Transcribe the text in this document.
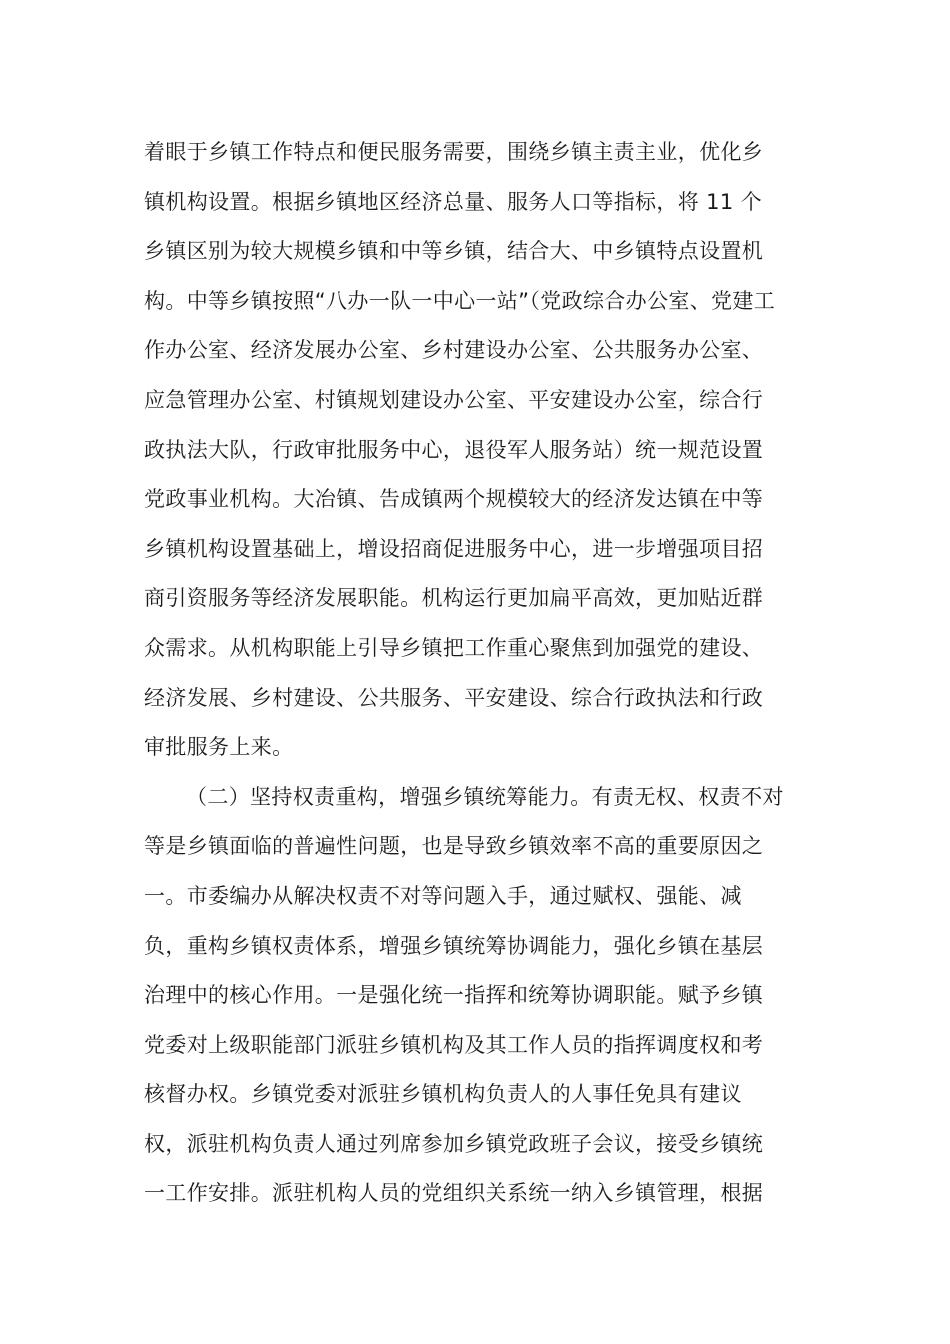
着眼于乡镇工作特点和便民服务需要，围绕乡镇主责主业，优化乡
镇机构设置。根据乡镇地区经济总量、服务人口等指标，将 11 个
乡镇区别为较大规模乡镇和中等乡镇，结合大、中乡镇特点设置机
构。中等乡镇按照“八办一队一中心一站”（党政综合办公室、党建工
作办公室、经济发展办公室、乡村建设办公室、公共服务办公室、
应急管理办公室、村镇规划建设办公室、平安建设办公室，综合行
政执法大队，行政审批服务中心，退役军人服务站）统一规范设置
党政事业机构。大冶镇、告成镇两个规模较大的经济发达镇在中等
乡镇机构设置基础上，增设招商促进服务中心，进一步增强项目招
商引资服务等经济发展职能。机构运行更加扁平高效，更加贴近群
众需求。从机构职能上引导乡镇把工作重心聚焦到加强党的建设、
经济发展、乡村建设、公共服务、平安建设、综合行政执法和行政
审批服务上来。
（二）坚持权责重构，增强乡镇统筹能力。有责无权、权责不对
等是乡镇面临的普遍性问题，也是导致乡镇效率不高的重要原因之
一。市委编办从解决权责不对等问题入手，通过赋权、强能、减
负，重构乡镇权责体系，增强乡镇统筹协调能力，强化乡镇在基层
治理中的核心作用。一是强化统一指挥和统筹协调职能。赋予乡镇
党委对上级职能部门派驻乡镇机构及其工作人员的指挥调度权和考
核督办权。乡镇党委对派驻乡镇机构负责人的人事任免具有建议
权，派驻机构负责人通过列席参加乡镇党政班子会议，接受乡镇统
一工作安排。派驻机构人员的党组织关系统一纳入乡镇管理，根据
